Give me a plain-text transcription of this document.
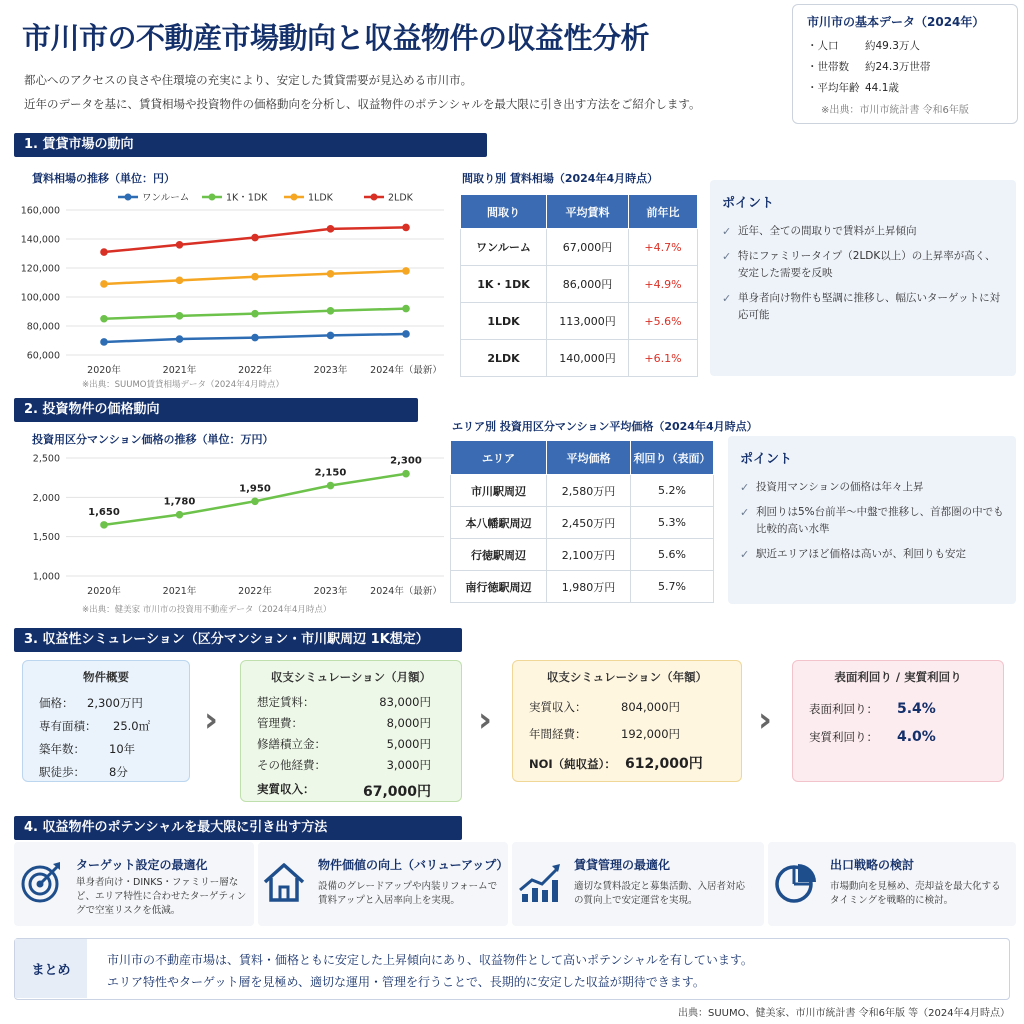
市川市の不動産市場動向と収益物件の収益性分析
都心へのアクセスの良さや住環境の充実により、安定した賃貸需要が見込める市川市。
近年のデータを基に、賃貸相場や投資物件の価格動向を分析し、収益物件のポテンシャルを最大限に引き出す方法をご紹介します。
市川市の基本データ（2024年）
・人口	約49.3万人
・世帯数	約24.3万世帯
・平均年齢 44.1歳
※出典：市川市統計書 令和6年版
1. 賃貸市場の動向
賃料相場の推移（単位：円）
ワンルーム	1K・1DK	1LDK	2LDK
60,000
80,000
100,000
120,000
140,000
160,000
2020年	2021年	2022年	2023年 2024年（最新）
※出典：SUUMO賃貸相場データ（2024年4月時点）
間取り別 賃料相場（2024年4月時点）
間取り	平均賃料	前年比
ワンルーム	67,000円	+4.7%
1K・1DK	86,000円	+4.9%
1LDK	113,000円	+5.6%
2LDK	140,000円	+6.1%
ポイント
✓ 近年、全ての間取りで賃料が上昇傾向
✓ 特にファミリータイプ（2LDK以上）の上昇率が高く、安定した需要を反映
✓ 単身者向け物件も堅調に推移し、幅広いターゲットに対応可能
2. 投資物件の価格動向
投資用区分マンション価格の推移（単位：万円）
1,000
1,500
2,000
2,500
2020年	2021年	2022年	2023年 2024年（最新）
1,650
1,780
1,950
2,150
2,300
※出典：健美家 市川市の投資用不動産データ（2024年4月時点）
エリア別 投資用区分マンション平均価格（2024年4月時点）
エリア	平均価格	利回り（表面）
市川駅周辺	2,580万円	5.2%
本八幡駅周辺	2,450万円	5.3%
行徳駅周辺	2,100万円	5.6%
南行徳駅周辺	1,980万円	5.7%
ポイント
✓ 投資用マンションの価格は年々上昇
✓ 利回りは5%台前半〜中盤で推移し、首都圏の中でも比較的高い水準
✓ 駅近エリアほど価格は高いが、利回りも安定
3. 収益性シミュレーション（区分マンション・市川駅周辺 1K想定）
物件概要
価格：	2,300万円
専有面積：	25.0㎡
築年数：	10年
駅徒歩：	8分
›
収支シミュレーション（月額）
想定賃料：	83,000円
管理費：	8,000円
修繕積立金：	5,000円
その他経費：	3,000円
実質収入：	67,000円
›
収支シミュレーション（年額）
実質収入：	804,000円
年間経費：	192,000円
NOI（純収益）： 612,000円
›
表面利回り / 実質利回り
表面利回り：	5.4%
実質利回り：	4.0%
4. 収益物件のポテンシャルを最大限に引き出す方法
ターゲット設定の最適化
単身者向け・DINKS・ファミリー層など、エリア特性に合わせたターゲティングで空室リスクを低減。
物件価値の向上（バリューアップ）
設備のグレードアップや内装リフォームで賃料アップと入居率向上を実現。
賃貸管理の最適化
適切な賃料設定と募集活動、入居者対応の質向上で安定運営を実現。
出口戦略の検討
市場動向を見極め、売却益を最大化するタイミングを戦略的に検討。
まとめ
市川市の不動産市場は、賃料・価格ともに安定した上昇傾向にあり、収益物件として高いポテンシャルを有しています。
エリア特性やターゲット層を見極め、適切な運用・管理を行うことで、長期的に安定した収益が期待できます。
出典：SUUMO、健美家、市川市統計書 令和6年版 等（2024年4月時点）
